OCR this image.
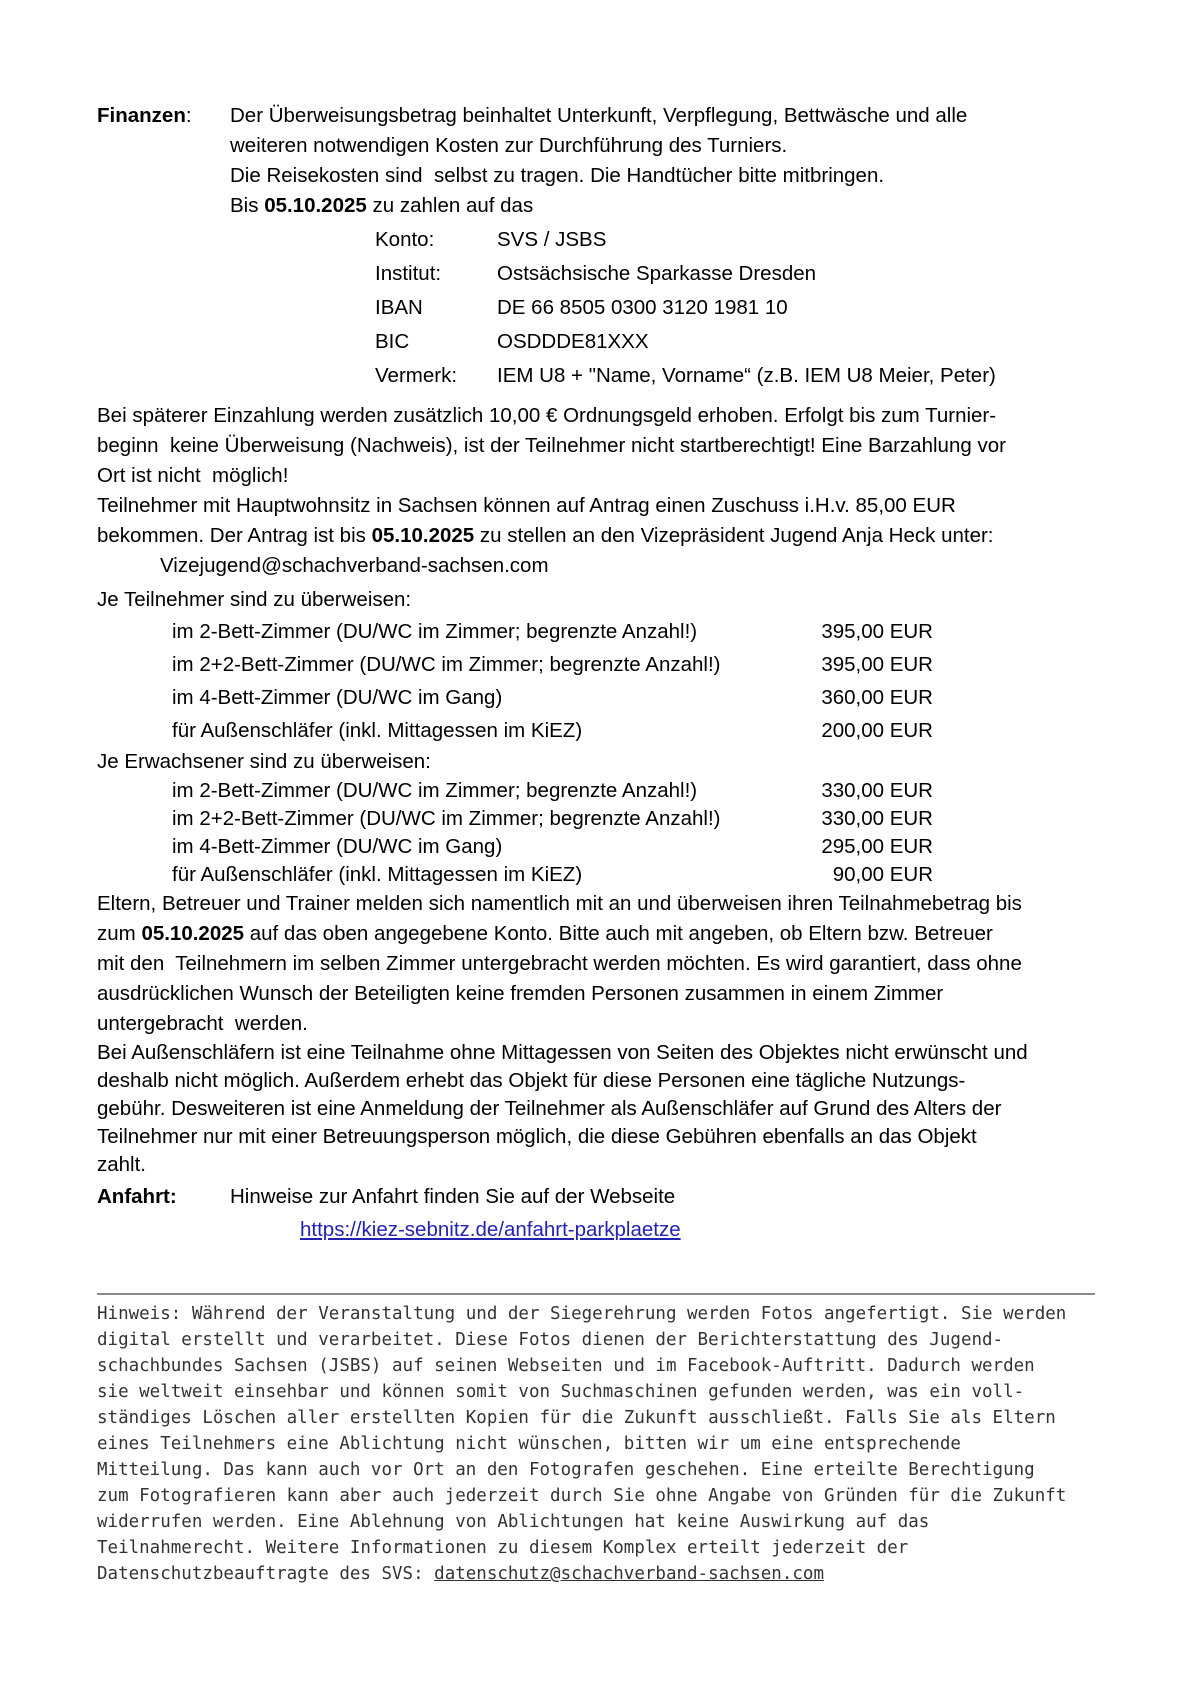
Finanzen:	Der Überweisungsbetrag beinhaltet Unterkunft, Verpflegung, Bettwäsche und alle
weiteren notwendigen Kosten zur Durchführung des Turniers.
Die Reisekosten sind  selbst zu tragen. Die Handtücher bitte mitbringen.
Bis 05.10.2025 zu zahlen auf das
Konto:	SVS / JSBS
Institut:	Ostsächsische Sparkasse Dresden
IBAN	DE 66 8505 0300 3120 1981 10
BIC	OSDDDE81XXX
Vermerk:	IEM U8 + "Name, Vorname“ (z.B. IEM U8 Meier, Peter)
Bei späterer Einzahlung werden zusätzlich 10,00 € Ordnungsgeld erhoben. Erfolgt bis zum Turnier-
beginn  keine Überweisung (Nachweis), ist der Teilnehmer nicht startberechtigt! Eine Barzahlung vor
Ort ist nicht  möglich!
Teilnehmer mit Hauptwohnsitz in Sachsen können auf Antrag einen Zuschuss i.H.v. 85,00 EUR
bekommen. Der Antrag ist bis 05.10.2025 zu stellen an den Vizepräsident Jugend Anja Heck unter:
Vizejugend@schachverband-sachsen.com
Je Teilnehmer sind zu überweisen:
im 2-Bett-Zimmer (DU/WC im Zimmer; begrenzte Anzahl!)	395,00 EUR
im 2+2-Bett-Zimmer (DU/WC im Zimmer; begrenzte Anzahl!)	395,00 EUR
im 4-Bett-Zimmer (DU/WC im Gang)	360,00 EUR
für Außenschläfer (inkl. Mittagessen im KiEZ)	200,00 EUR
Je Erwachsener sind zu überweisen:
im 2-Bett-Zimmer (DU/WC im Zimmer; begrenzte Anzahl!)	330,00 EUR
im 2+2-Bett-Zimmer (DU/WC im Zimmer; begrenzte Anzahl!)	330,00 EUR
im 4-Bett-Zimmer (DU/WC im Gang)	295,00 EUR
für Außenschläfer (inkl. Mittagessen im KiEZ)	90,00 EUR
Eltern, Betreuer und Trainer melden sich namentlich mit an und überweisen ihren Teilnahmebetrag bis
zum 05.10.2025 auf das oben angegebene Konto. Bitte auch mit angeben, ob Eltern bzw. Betreuer
mit den  Teilnehmern im selben Zimmer untergebracht werden möchten. Es wird garantiert, dass ohne
ausdrücklichen Wunsch der Beteiligten keine fremden Personen zusammen in einem Zimmer
untergebracht  werden.
Bei Außenschläfern ist eine Teilnahme ohne Mittagessen von Seiten des Objektes nicht erwünscht und
deshalb nicht möglich. Außerdem erhebt das Objekt für diese Personen eine tägliche Nutzungs-
gebühr. Desweiteren ist eine Anmeldung der Teilnehmer als Außenschläfer auf Grund des Alters der
Teilnehmer nur mit einer Betreuungsperson möglich, die diese Gebühren ebenfalls an das Objekt
zahlt.
Anfahrt:	Hinweise zur Anfahrt finden Sie auf der Webseite
https://kiez-sebnitz.de/anfahrt-parkplaetze
Hinweis: Während der Veranstaltung und der Siegerehrung werden Fotos angefertigt. Sie werden
digital erstellt und verarbeitet. Diese Fotos dienen der Berichterstattung des Jugend-
schachbundes Sachsen (JSBS) auf seinen Webseiten und im Facebook-Auftritt. Dadurch werden
sie weltweit einsehbar und können somit von Suchmaschinen gefunden werden, was ein voll-
ständiges Löschen aller erstellten Kopien für die Zukunft ausschließt. Falls Sie als Eltern
eines Teilnehmers eine Ablichtung nicht wünschen, bitten wir um eine entsprechende
Mitteilung. Das kann auch vor Ort an den Fotografen geschehen. Eine erteilte Berechtigung
zum Fotografieren kann aber auch jederzeit durch Sie ohne Angabe von Gründen für die Zukunft
widerrufen werden. Eine Ablehnung von Ablichtungen hat keine Auswirkung auf das
Teilnahmerecht. Weitere Informationen zu diesem Komplex erteilt jederzeit der
Datenschutzbeauftragte des SVS: datenschutz@schachverband-sachsen.com
